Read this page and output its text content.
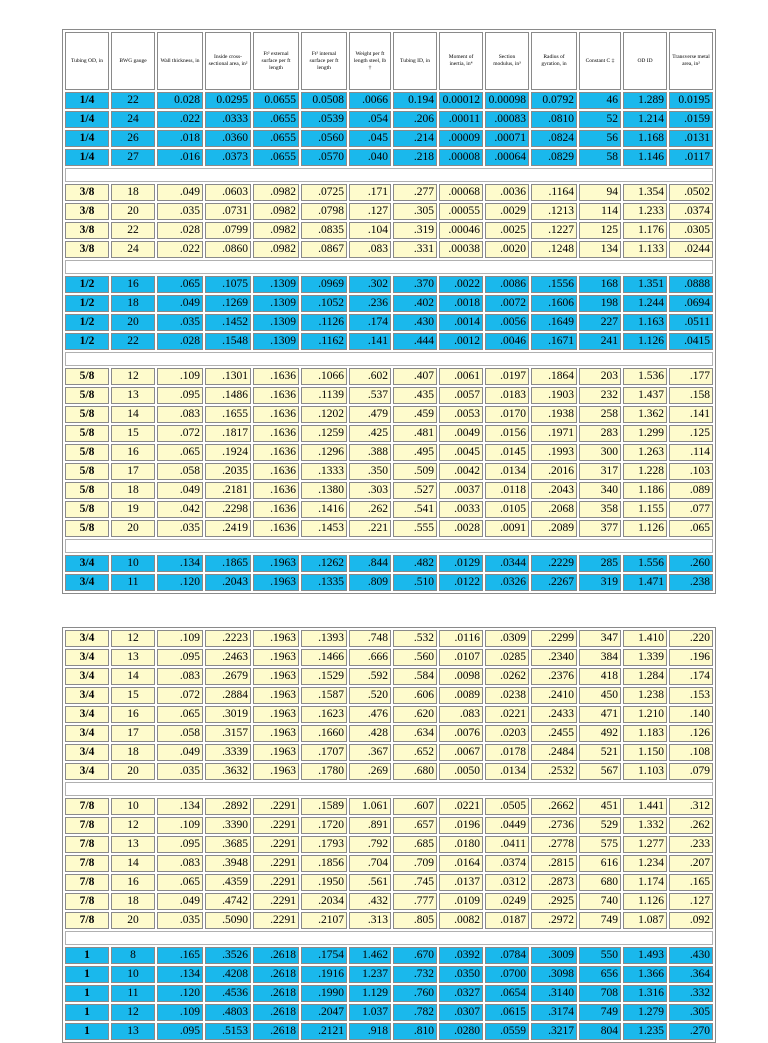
Tubing OD, in	BWG gauge	Wall thickness, in	Inside cross-sectional area, in²	Ft² external surface per ft length	Ft² internal surface per ft length	Weight per ft length steel, lb †	Tubing ID, in	Moment of inertia, in⁴	Section modulus, in³	Radius of gyration, in	Constant C ‡	OD ID	Transverse metal area, in²
1/4	22	0.028	0.0295	0.0655	0.0508	.0066	0.194	0.00012	0.00098	0.0792	46	1.289	0.0195
1/4	24	.022	.0333	.0655	.0539	.054	.206	.00011	.00083	.0810	52	1.214	.0159
1/4	26	.018	.0360	.0655	.0560	.045	.214	.00009	.00071	.0824	56	1.168	.0131
1/4	27	.016	.0373	.0655	.0570	.040	.218	.00008	.00064	.0829	58	1.146	.0117

3/8	18	.049	.0603	.0982	.0725	.171	.277	.00068	.0036	.1164	94	1.354	.0502
3/8	20	.035	.0731	.0982	.0798	.127	.305	.00055	.0029	.1213	114	1.233	.0374
3/8	22	.028	.0799	.0982	.0835	.104	.319	.00046	.0025	.1227	125	1.176	.0305
3/8	24	.022	.0860	.0982	.0867	.083	.331	.00038	.0020	.1248	134	1.133	.0244

1/2	16	.065	.1075	.1309	.0969	.302	.370	.0022	.0086	.1556	168	1.351	.0888
1/2	18	.049	.1269	.1309	.1052	.236	.402	.0018	.0072	.1606	198	1.244	.0694
1/2	20	.035	.1452	.1309	.1126	.174	.430	.0014	.0056	.1649	227	1.163	.0511
1/2	22	.028	.1548	.1309	.1162	.141	.444	.0012	.0046	.1671	241	1.126	.0415

5/8	12	.109	.1301	.1636	.1066	.602	.407	.0061	.0197	.1864	203	1.536	.177
5/8	13	.095	.1486	.1636	.1139	.537	.435	.0057	.0183	.1903	232	1.437	.158
5/8	14	.083	.1655	.1636	.1202	.479	.459	.0053	.0170	.1938	258	1.362	.141
5/8	15	.072	.1817	.1636	.1259	.425	.481	.0049	.0156	.1971	283	1.299	.125
5/8	16	.065	.1924	.1636	.1296	.388	.495	.0045	.0145	.1993	300	1.263	.114
5/8	17	.058	.2035	.1636	.1333	.350	.509	.0042	.0134	.2016	317	1.228	.103
5/8	18	.049	.2181	.1636	.1380	.303	.527	.0037	.0118	.2043	340	1.186	.089
5/8	19	.042	.2298	.1636	.1416	.262	.541	.0033	.0105	.2068	358	1.155	.077
5/8	20	.035	.2419	.1636	.1453	.221	.555	.0028	.0091	.2089	377	1.126	.065

3/4	10	.134	.1865	.1963	.1262	.844	.482	.0129	.0344	.2229	285	1.556	.260
3/4	11	.120	.2043	.1963	.1335	.809	.510	.0122	.0326	.2267	319	1.471	.238
3/4	12	.109	.2223	.1963	.1393	.748	.532	.0116	.0309	.2299	347	1.410	.220
3/4	13	.095	.2463	.1963	.1466	.666	.560	.0107	.0285	.2340	384	1.339	.196
3/4	14	.083	.2679	.1963	.1529	.592	.584	.0098	.0262	.2376	418	1.284	.174
3/4	15	.072	.2884	.1963	.1587	.520	.606	.0089	.0238	.2410	450	1.238	.153
3/4	16	.065	.3019	.1963	.1623	.476	.620	.083	.0221	.2433	471	1.210	.140
3/4	17	.058	.3157	.1963	.1660	.428	.634	.0076	.0203	.2455	492	1.183	.126
3/4	18	.049	.3339	.1963	.1707	.367	.652	.0067	.0178	.2484	521	1.150	.108
3/4	20	.035	.3632	.1963	.1780	.269	.680	.0050	.0134	.2532	567	1.103	.079

7/8	10	.134	.2892	.2291	.1589	1.061	.607	.0221	.0505	.2662	451	1.441	.312
7/8	12	.109	.3390	.2291	.1720	.891	.657	.0196	.0449	.2736	529	1.332	.262
7/8	13	.095	.3685	.2291	.1793	.792	.685	.0180	.0411	.2778	575	1.277	.233
7/8	14	.083	.3948	.2291	.1856	.704	.709	.0164	.0374	.2815	616	1.234	.207
7/8	16	.065	.4359	.2291	.1950	.561	.745	.0137	.0312	.2873	680	1.174	.165
7/8	18	.049	.4742	.2291	.2034	.432	.777	.0109	.0249	.2925	740	1.126	.127
7/8	20	.035	.5090	.2291	.2107	.313	.805	.0082	.0187	.2972	749	1.087	.092

1	8	.165	.3526	.2618	.1754	1.462	.670	.0392	.0784	.3009	550	1.493	.430
1	10	.134	.4208	.2618	.1916	1.237	.732	.0350	.0700	.3098	656	1.366	.364
1	11	.120	.4536	.2618	.1990	1.129	.760	.0327	.0654	.3140	708	1.316	.332
1	12	.109	.4803	.2618	.2047	1.037	.782	.0307	.0615	.3174	749	1.279	.305
1	13	.095	.5153	.2618	.2121	.918	.810	.0280	.0559	.3217	804	1.235	.270
